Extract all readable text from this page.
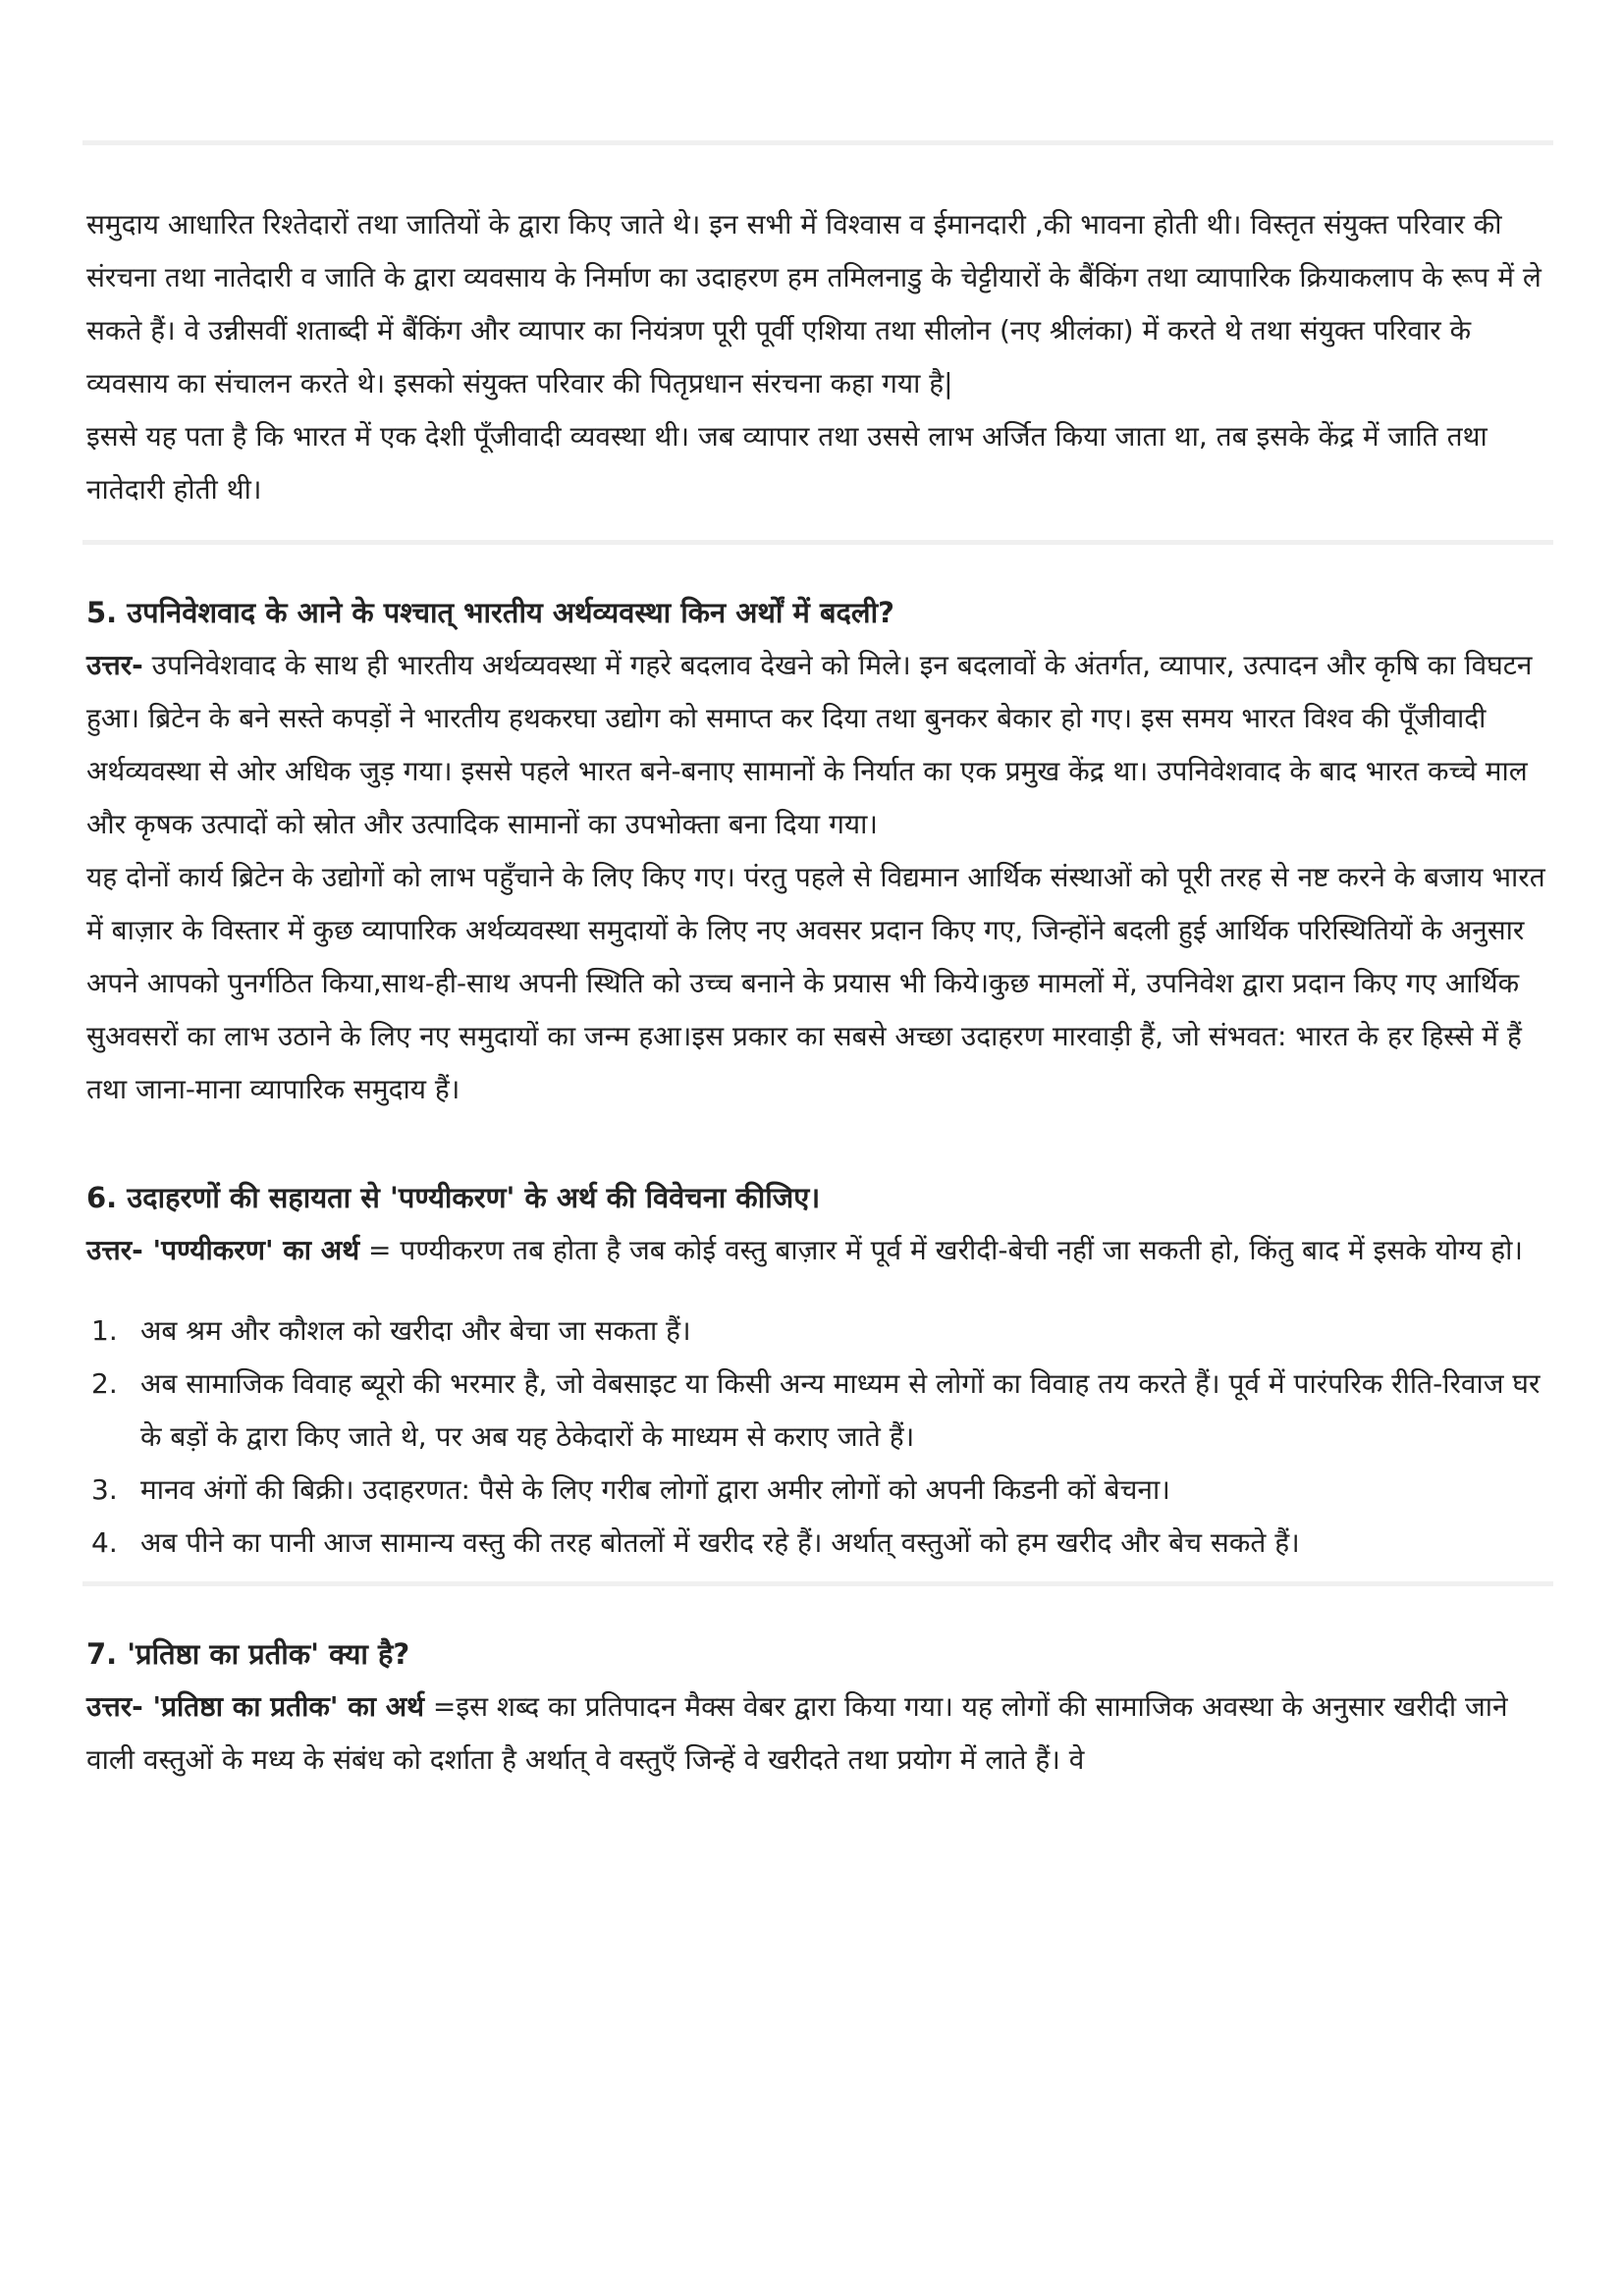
समुदाय आधारित रिश्तेदारों तथा जातियों के द्वारा किए जाते थे। इन सभी में विश्वास व ईमानदारी ,की भावना होती थी। विस्तृत संयुक्त परिवार की संरचना तथा नातेदारी व जाति के द्वारा व्यवसाय के निर्माण का उदाहरण हम तमिलनाडु के चेट्टीयारों के बैंकिंग तथा व्यापारिक क्रियाकलाप के रूप में ले सकते हैं। वे उन्नीसवीं शताब्दी में बैंकिंग और व्यापार का नियंत्रण पूरी पूर्वी एशिया तथा सीलोन (नए श्रीलंका) में करते थे तथा संयुक्त परिवार के व्यवसाय का संचालन करते थे। इसको संयुक्त परिवार की पितृप्रधान संरचना कहा गया है|

इससे यह पता है कि भारत में एक देशी पूँजीवादी व्यवस्था थी। जब व्यापार तथा उससे लाभ अर्जित किया जाता था, तब इसके केंद्र में जाति तथा नातेदारी होती थी।

5. उपनिवेशवाद के आने के पश्चात् भारतीय अर्थव्यवस्था किन अर्थों में बदली?

उत्तर- उपनिवेशवाद के साथ ही भारतीय अर्थव्यवस्था में गहरे बदलाव देखने को मिले। इन बदलावों के अंतर्गत, व्यापार, उत्पादन और कृषि का विघटन हुआ। ब्रिटेन के बने सस्ते कपड़ों ने भारतीय हथकरघा उद्योग को समाप्त कर दिया तथा बुनकर बेकार हो गए। इस समय भारत विश्व की पूँजीवादी अर्थव्यवस्था से ओर अधिक जुड़ गया। इससे पहले भारत बने-बनाए सामानों के निर्यात का एक प्रमुख केंद्र था। उपनिवेशवाद के बाद भारत कच्चे माल और कृषक उत्पादों को स्रोत और उत्पादिक सामानों का उपभोक्ता बना दिया गया।

यह दोनों कार्य ब्रिटेन के उद्योगों को लाभ पहुँचाने के लिए किए गए। पंरतु पहले से विद्यमान आर्थिक संस्थाओं को पूरी तरह से नष्ट करने के बजाय भारत में बाज़ार के विस्तार में कुछ व्यापारिक अर्थव्यवस्था समुदायों के लिए नए अवसर प्रदान किए गए, जिन्होंने बदली हुई आर्थिक परिस्थितियों के अनुसार अपने आपको पुनर्गठित किया,साथ-ही-साथ अपनी स्थिति को उच्च बनाने के प्रयास भी किये।कुछ मामलों में, उपनिवेश द्वारा प्रदान किए गए आर्थिक सुअवसरों का लाभ उठाने के लिए नए समुदायों का जन्म हआ।इस प्रकार का सबसे अच्छा उदाहरण मारवाड़ी हैं, जो संभवत: भारत के हर हिस्से में हैं तथा जाना-माना व्यापारिक समुदाय हैं।

6. उदाहरणों की सहायता से 'पण्यीकरण' के अर्थ की विवेचना कीजिए।

उत्तर- 'पण्यीकरण' का अर्थ = पण्यीकरण तब होता है जब कोई वस्तु बाज़ार में पूर्व में खरीदी-बेची नहीं जा सकती हो, किंतु बाद में इसके योग्य हो।

1. अब श्रम और कौशल को खरीदा और बेचा जा सकता हैं।
2. अब सामाजिक विवाह ब्यूरो की भरमार है, जो वेबसाइट या किसी अन्य माध्यम से लोगों का विवाह तय करते हैं। पूर्व में पारंपरिक रीति-रिवाज घर के बड़ों के द्वारा किए जाते थे, पर अब यह ठेकेदारों के माध्यम से कराए जाते हैं।
3. मानव अंगों की बिक्री। उदाहरणत: पैसे के लिए गरीब लोगों द्वारा अमीर लोगों को अपनी किडनी कों बेचना।
4. अब पीने का पानी आज सामान्य वस्तु की तरह बोतलों में खरीद रहे हैं। अर्थात् वस्तुओं को हम खरीद और बेच सकते हैं।

7. 'प्रतिष्ठा का प्रतीक' क्या है?

उत्तर- 'प्रतिष्ठा का प्रतीक' का अर्थ =इस शब्द का प्रतिपादन मैक्स वेबर द्वारा किया गया। यह लोगों की सामाजिक अवस्था के अनुसार खरीदी जाने वाली वस्तुओं के मध्य के संबंध को दर्शाता है अर्थात् वे वस्तुएँ जिन्हें वे खरीदते तथा प्रयोग में लाते हैं। वे
